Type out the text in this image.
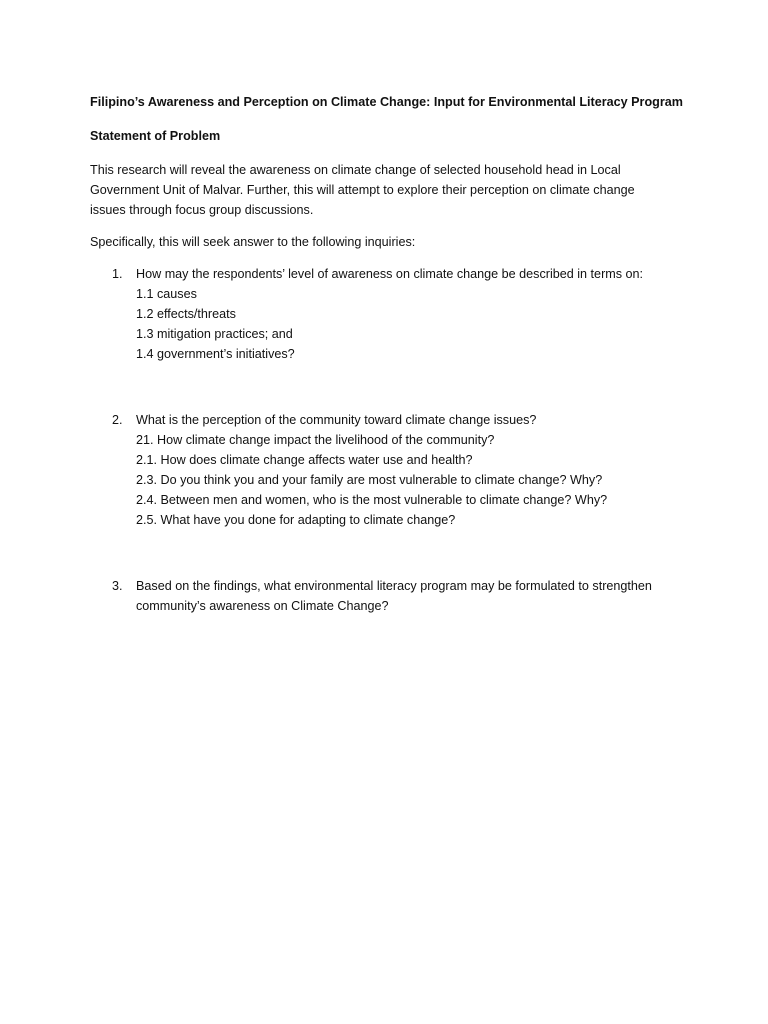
Filipino’s Awareness and Perception on Climate Change: Input for Environmental Literacy Program
Statement of Problem
This research will reveal the awareness on climate change of selected household head in Local
Government Unit of Malvar. Further, this will attempt to explore their perception on climate change
issues through focus group discussions.
Specifically, this will seek answer to the following inquiries:
1. How may the respondents’ level of awareness on climate change be described in terms on:
1.1 causes
1.2 effects/threats
1.3 mitigation practices; and
1.4 government’s initiatives?
2. What is the perception of the community toward climate change issues?
21. How climate change impact the livelihood of the community?
2.1. How does climate change affects water use and health?
2.3. Do you think you and your family are most vulnerable to climate change? Why?
2.4. Between men and women, who is the most vulnerable to climate change? Why?
2.5. What have you done for adapting to climate change?
3. Based on the findings, what environmental literacy program may be formulated to strengthen
community’s awareness on Climate Change?
